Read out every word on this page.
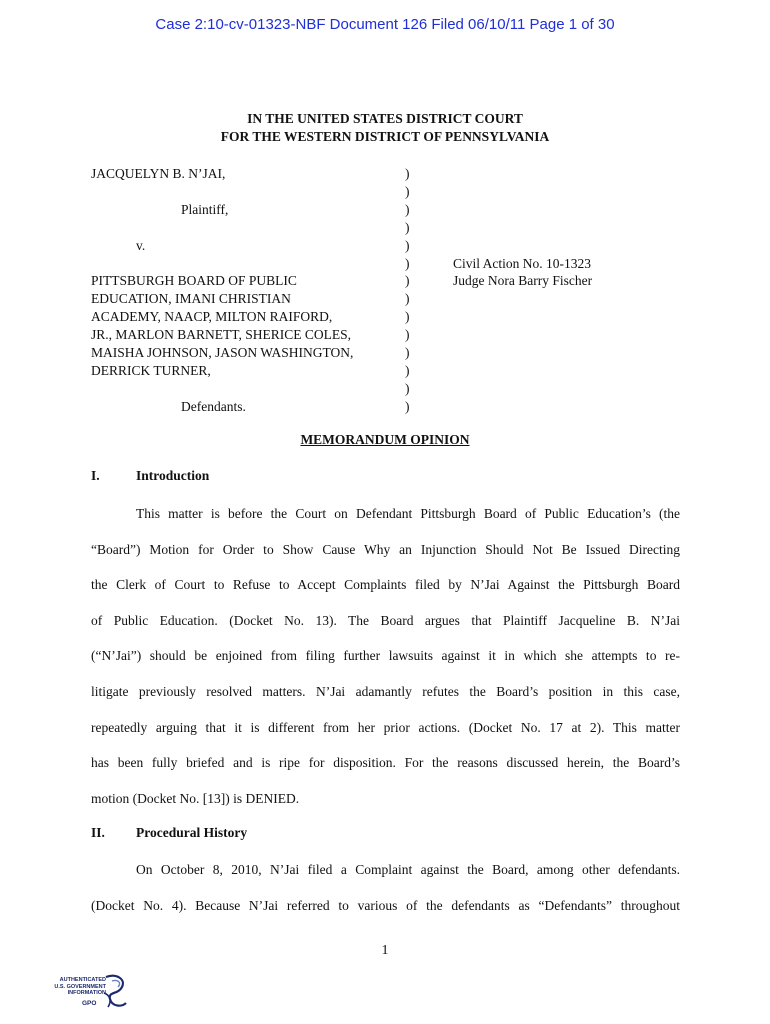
Case 2:10-cv-01323-NBF Document 126 Filed 06/10/11 Page 1 of 30
IN THE UNITED STATES DISTRICT COURT
FOR THE WESTERN DISTRICT OF PENNSYLVANIA
JACQUELYN B. N’JAI,
Plaintiff,
v.
PITTSBURGH BOARD OF PUBLIC
EDUCATION, IMANI CHRISTIAN
ACADEMY, NAACP, MILTON RAIFORD,
JR., MARLON BARNETT, SHERICE COLES,
MAISHA JOHNSON, JASON WASHINGTON,
DERRICK TURNER,
Defendants.
)
)
)
)
)
)
)
)
)
)
)
)
)
)
Civil Action No. 10-1323
Judge Nora Barry Fischer
MEMORANDUM OPINION
I.	Introduction
This matter is before the Court on Defendant Pittsburgh Board of Public Education’s (the
“Board”) Motion for Order to Show Cause Why an Injunction Should Not Be Issued Directing
the Clerk of Court to Refuse to Accept Complaints filed by N’Jai Against the Pittsburgh Board
of Public Education. (Docket No. 13). The Board argues that Plaintiff Jacqueline B. N’Jai
(“N’Jai”) should be enjoined from filing further lawsuits against it in which she attempts to re-
litigate previously resolved matters. N’Jai adamantly refutes the Board’s position in this case,
repeatedly arguing that it is different from her prior actions. (Docket No. 17 at 2). This matter
has been fully briefed and is ripe for disposition. For the reasons discussed herein, the Board’s
motion (Docket No. [13]) is DENIED.
II. Procedural History
On October 8, 2010, N’Jai filed a Complaint against the Board, among other defendants.
(Docket No. 4). Because N’Jai referred to various of the defendants as “Defendants” throughout
1
AUTHENTICATED
U.S. GOVERNMENT
INFORMATION
GPO
